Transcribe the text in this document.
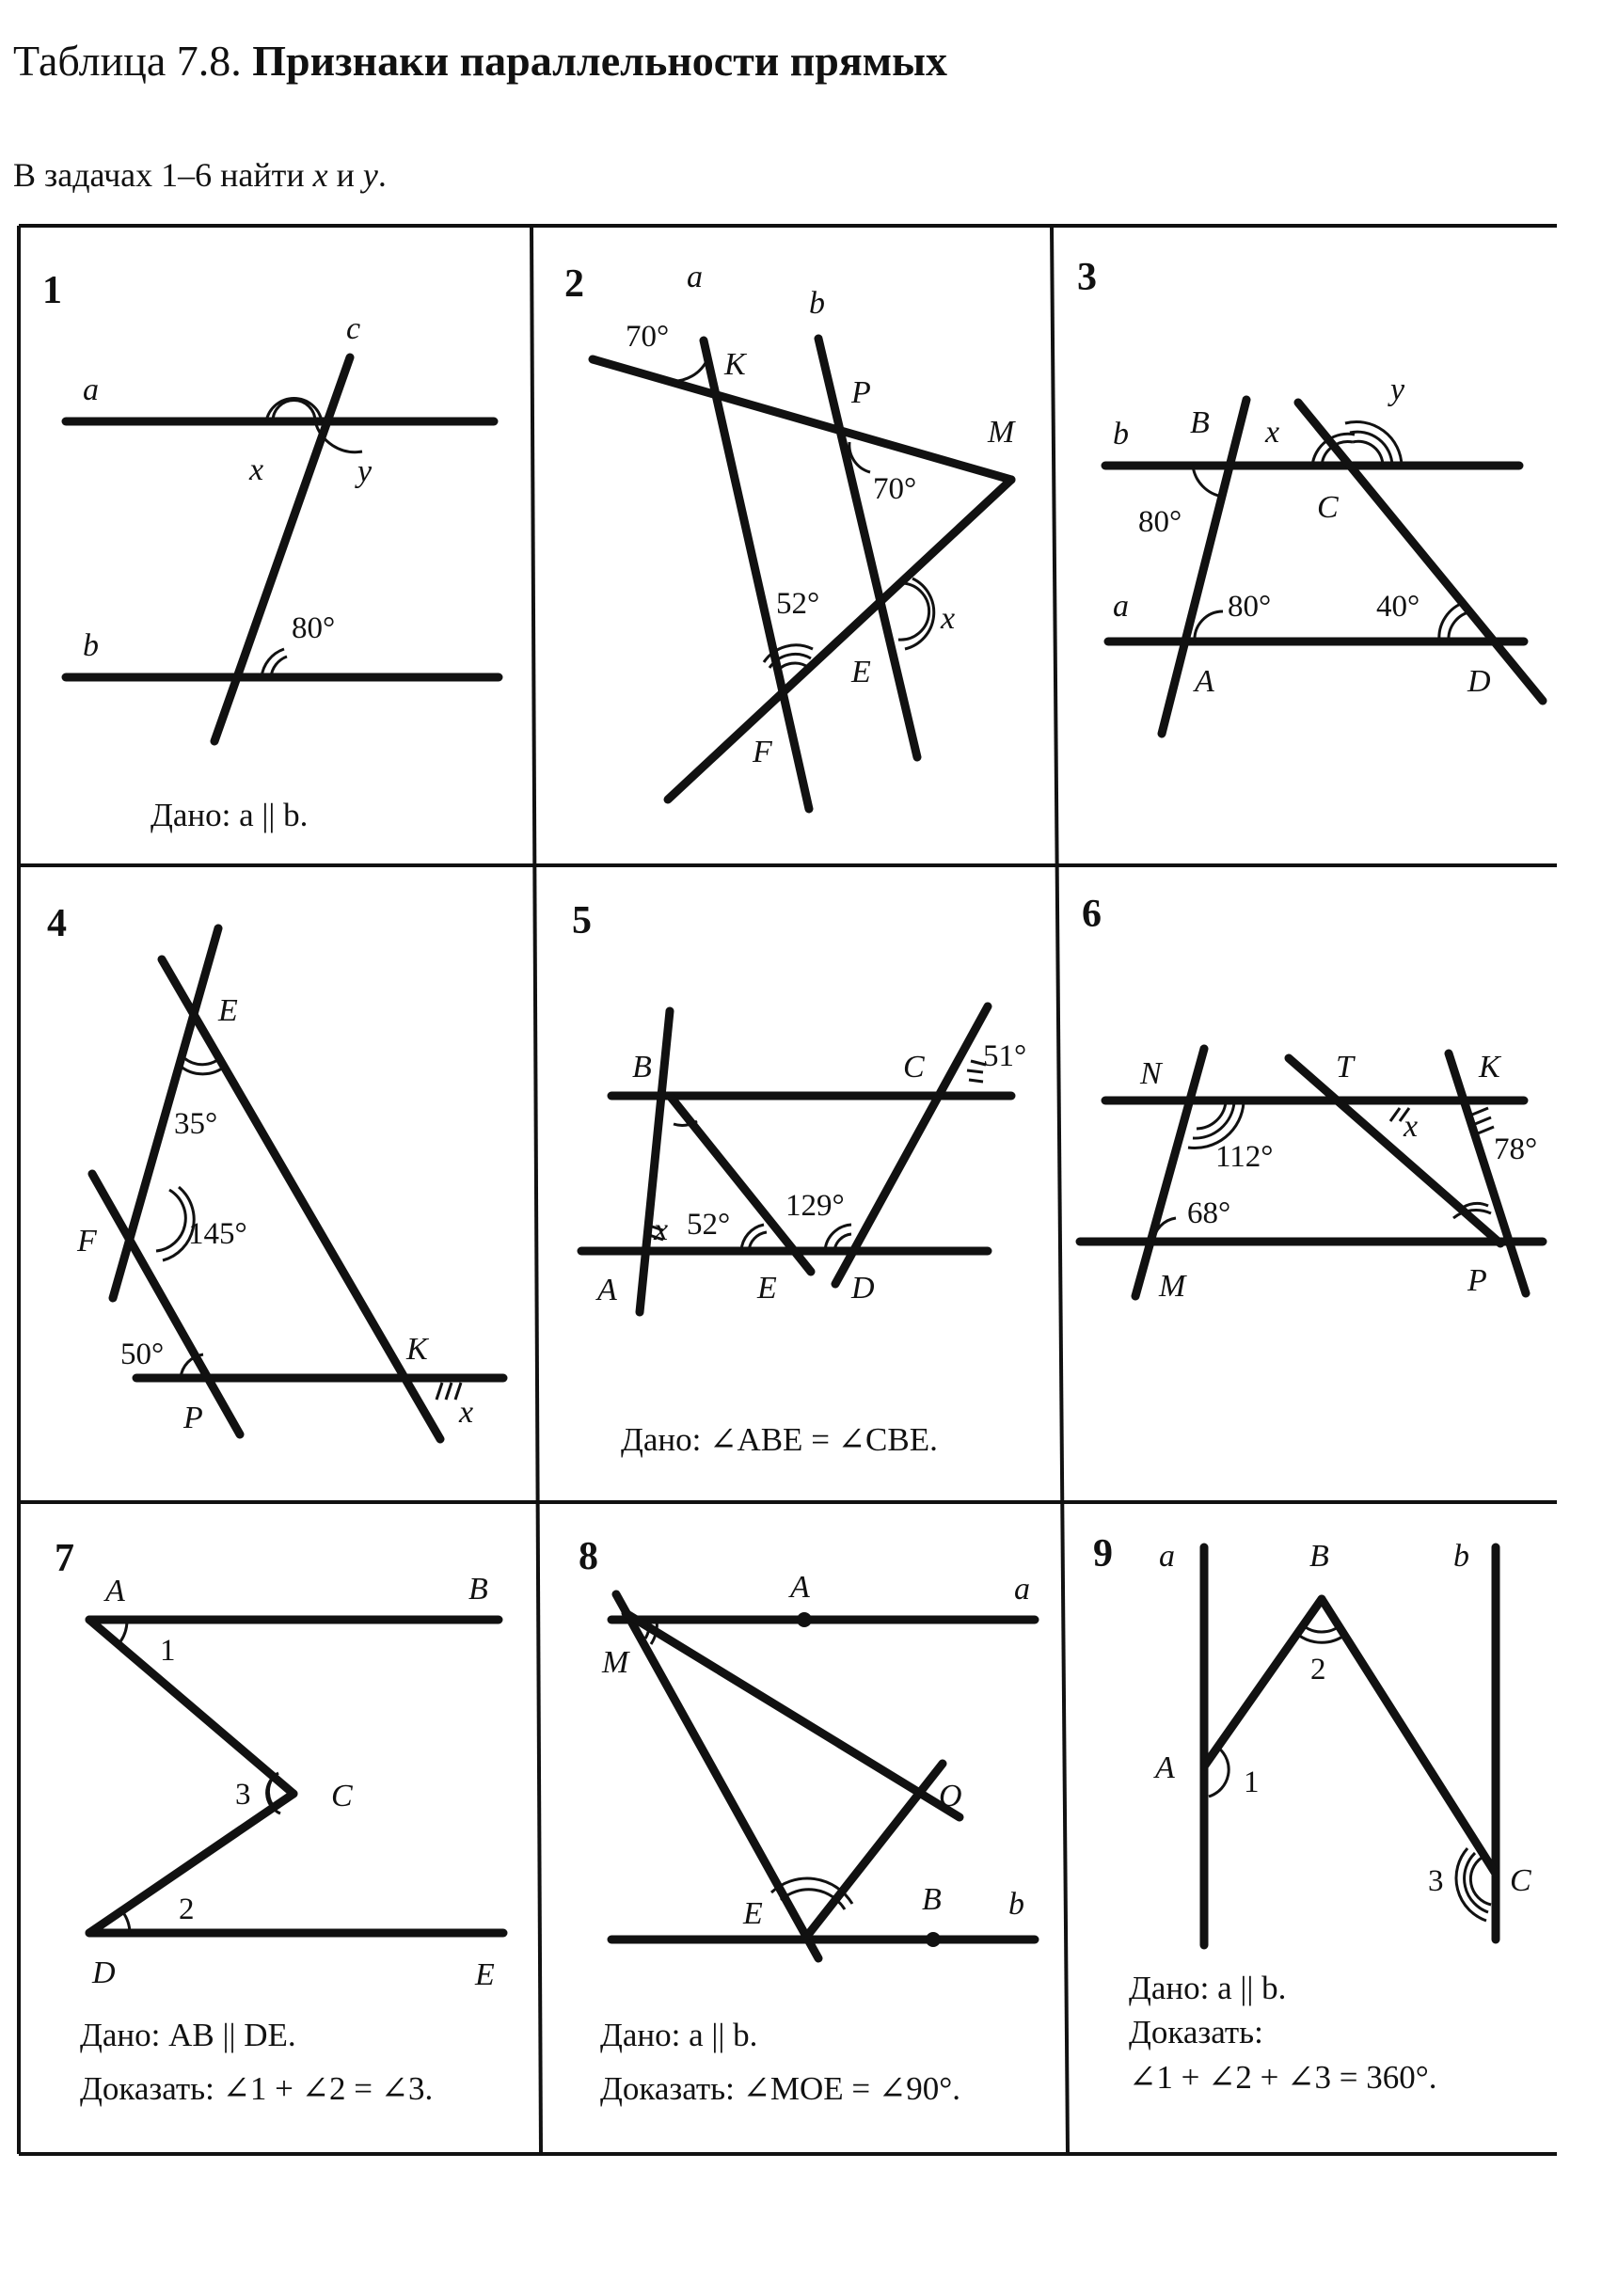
Таблица 7.8. Признаки параллельности прямых
В задачах 1–6 найти x и y.
1
a
b
c
x	y
80°
Дано: a || b.
2	a
b
K
P
M
E
F
x
70°
70°
52°
3
b B x
y
C
a
A	D
80°
80°	40°
4
E
F
P
K
x
35°
145°
50°
5
B	C
A	E D
x
51°
52°
129°
Дано: ∠ABE = ∠CBE.
6
N	T	K
M	P
x
112°
68°
78°
7
A	B
C
D	E
1
2
3
Дано: AB || DE.
Доказать: ∠1 + ∠2 = ∠3.
8
A	a
M
O
E	B b
Дано: a || b.
Доказать: ∠MOE = ∠90°.
9 a	B	b
A
C
1
2
3
Дано: a || b.
Доказать:
∠1 + ∠2 + ∠3 = 360°.
